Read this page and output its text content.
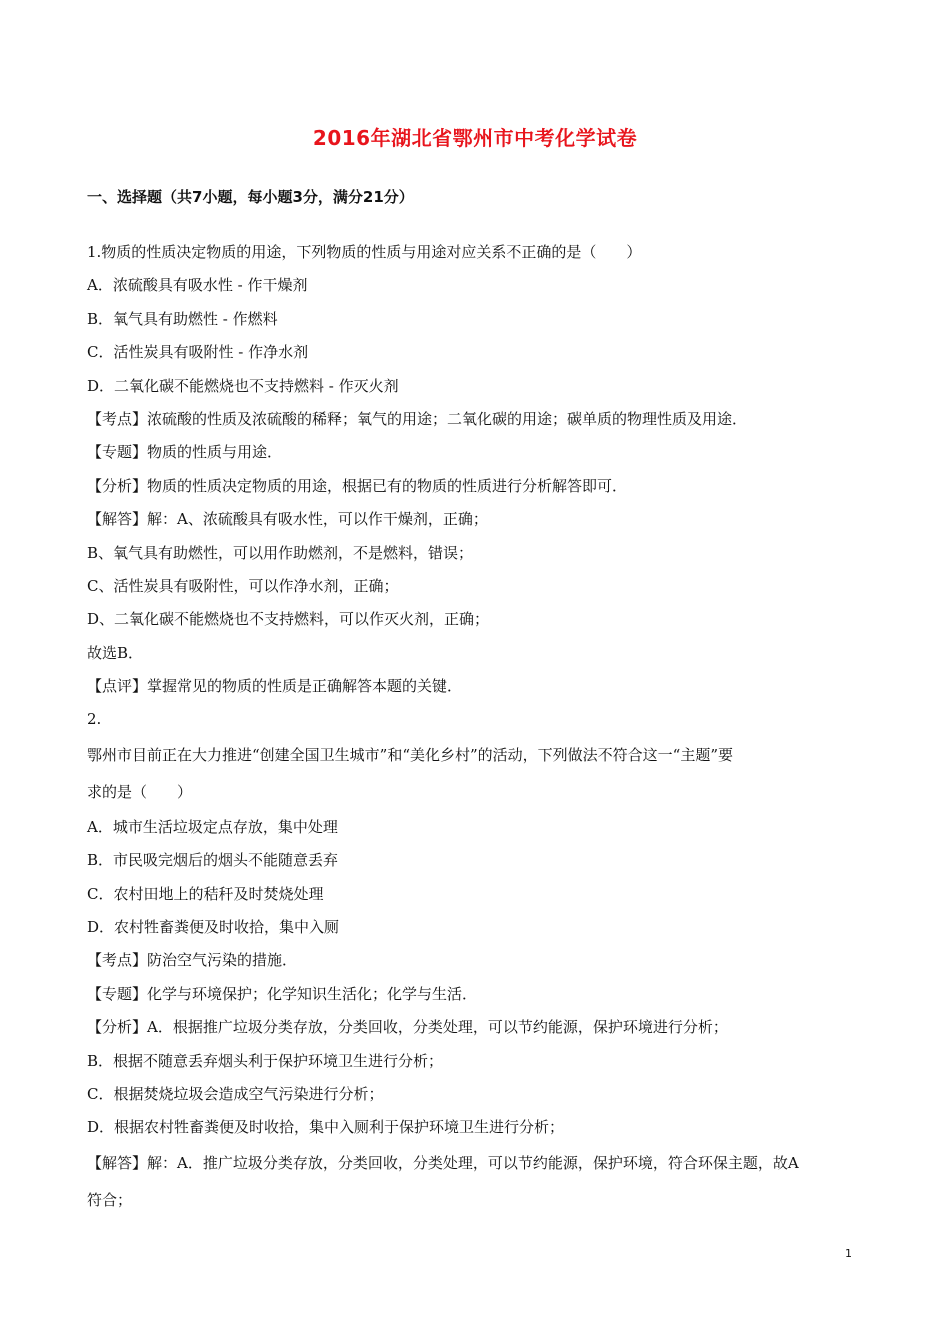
2016年湖北省鄂州市中考化学试卷
一、选择题（共7小题，每小题3分，满分21分）
1.物质的性质决定物质的用途，下列物质的性质与用途对应关系不正确的是（　　）
A．浓硫酸具有吸水性 - 作干燥剂
B．氧气具有助燃性 - 作燃料
C．活性炭具有吸附性 - 作净水剂
D．二氧化碳不能燃烧也不支持燃料 - 作灭火剂
【考点】浓硫酸的性质及浓硫酸的稀释；氧气的用途；二氧化碳的用途；碳单质的物理性质及用途．
【专题】物质的性质与用途．
【分析】物质的性质决定物质的用途，根据已有的物质的性质进行分析解答即可．
【解答】解：A、浓硫酸具有吸水性，可以作干燥剂，正确；
B、氧气具有助燃性，可以用作助燃剂，不是燃料，错误；
C、活性炭具有吸附性，可以作净水剂，正确；
D、二氧化碳不能燃烧也不支持燃料，可以作灭火剂，正确；
故选B．
【点评】掌握常见的物质的性质是正确解答本题的关键．
2.
鄂州市目前正在大力推进“创建全国卫生城市”和“美化乡村”的活动，下列做法不符合这一“主题”要
求的是（　　）
A．城市生活垃圾定点存放，集中处理
B．市民吸完烟后的烟头不能随意丢弃
C．农村田地上的秸秆及时焚烧处理
D．农村牲畜粪便及时收拾，集中入厕
【考点】防治空气污染的措施．
【专题】化学与环境保护；化学知识生活化；化学与生活．
【分析】A．根据推广垃圾分类存放，分类回收，分类处理，可以节约能源，保护环境进行分析；
B．根据不随意丢弃烟头利于保护环境卫生进行分析；
C．根据焚烧垃圾会造成空气污染进行分析；
D．根据农村牲畜粪便及时收拾，集中入厕利于保护环境卫生进行分析；
【解答】解：A．推广垃圾分类存放，分类回收，分类处理，可以节约能源，保护环境，符合环保主题，故A
符合；
1
